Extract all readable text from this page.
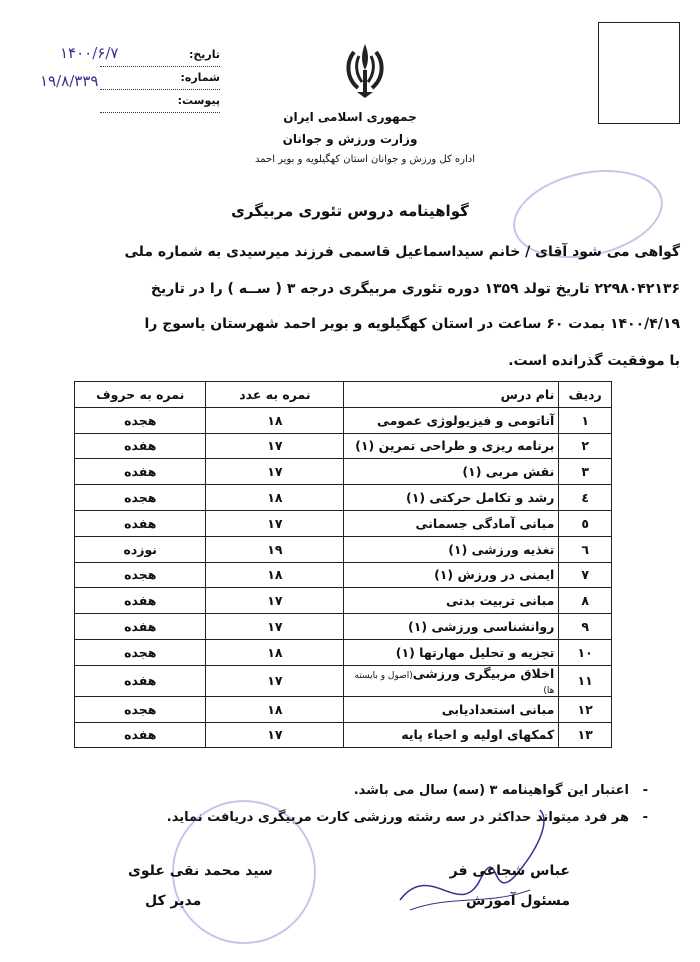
تاریخ:
شماره:
پیوست:
۱۴۰۰/۶/۷
۱۹/۸/۳۳۹
جمهوری اسلامی ایران
وزارت ورزش و جوانان
اداره کل ورزش و جوانان استان کهگیلویه و بویر احمد
گواهینامه دروس تئوری مربیگری
گواهی می شود آقای / خانم سیداسماعیل قاسمی فرزند میرسیدی به شماره ملی
۲۲۹۸۰۴۲۱۳۶ تاریخ تولد ۱۳۵۹ دوره تئوری مربیگری درجه ۳ ( ســه ) را در تاریخ
۱۴۰۰/۴/۱۹ بمدت ۶۰ ساعت در استان کهگیلویه و بویر احمد شهرستان یاسوج را
با موفقیت گذرانده است.
ردیف	نام درس	نمره به عدد	نمره به حروف
۱	آناتومی و فیزیولوژی عمومی	۱۸	هجده
۲	برنامه ریزی و طراحی تمرین (۱)	۱۷	هفده
۳	نقش مربی (۱)	۱۷	هفده
٤	رشد و تکامل حرکتی (۱)	۱۸	هجده
٥	مبانی آمادگی جسمانی	۱۷	هفده
٦	تغذیه ورزشی (۱)	۱۹	نوزده
۷	ایمنی در ورزش (۱)	۱۸	هجده
۸	مبانی تربیت بدنی	۱۷	هفده
۹	روانشناسی ورزشی (۱)	۱۷	هفده
۱۰	تجزیه و تحلیل مهارتها (۱)	۱۸	هجده
۱۱	اخلاق مربیگری ورزشی(اصول و بایسته ها)	۱۷	هفده
۱۲	مبانی استعدادیابی	۱۸	هجده
۱۳	کمکهای اولیه و احیاء پایه	۱۷	هفده
-   اعتبار این گواهینامه ۳ (سه) سال می باشد.
-   هر فرد میتواند حداکثر در سه رشته ورزشی کارت مربیگری دریافت نماید.
عباس شجاعی فر
مسئول آموزش
سید محمد نقی علوی
مدیر کل
